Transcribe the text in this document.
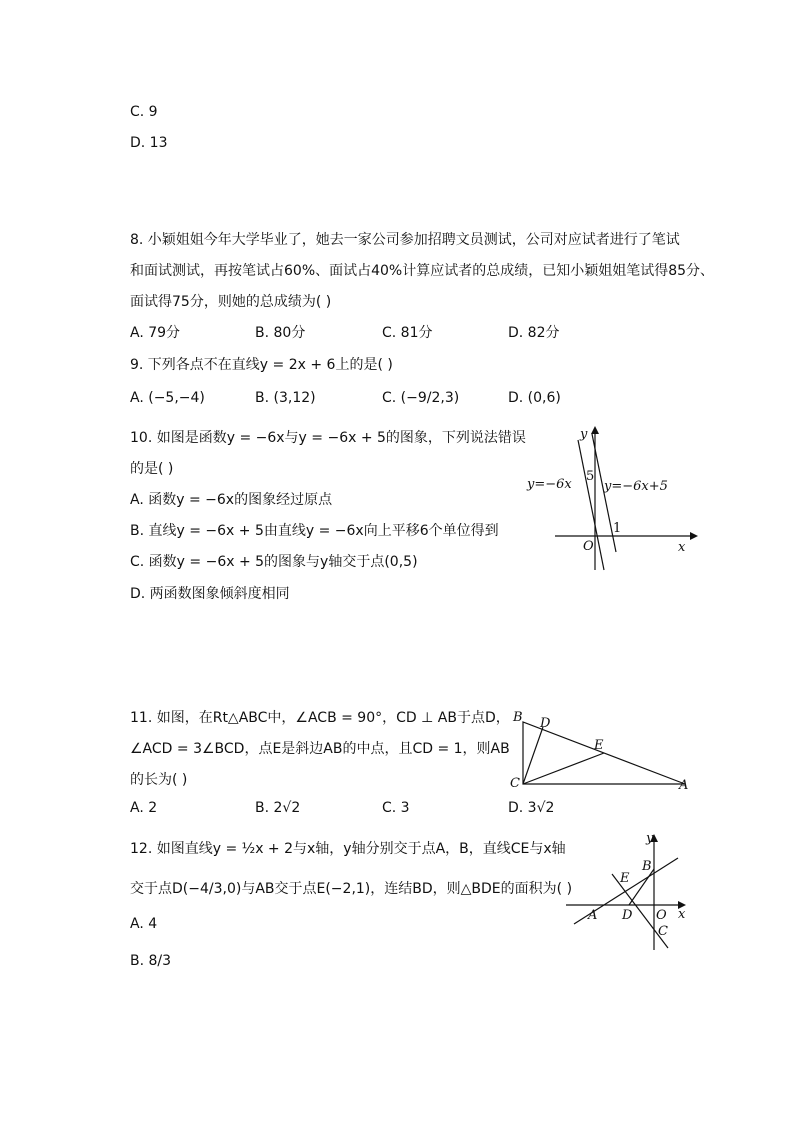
C. 9
D. 13
8. 小颖姐姐今年大学毕业了，她去一家公司参加招聘文员测试，公司对应试者进行了笔试
和面试测试，再按笔试占60%、面试占40%计算应试者的总成绩，已知小颖姐姐笔试得85分、
面试得75分，则她的总成绩为( )
A. 79分	B. 80分	C. 81分	D. 82分
9. 下列各点不在直线y = 2x + 6上的是( )
A. (−5,−4)	B. (3,12)	C. (−9/2,3)	D. (0,6)
10. 如图是函数y = −6x与y = −6x + 5的图象，下列说法错误
的是( )
A. 函数y = −6x的图象经过原点
B. 直线y = −6x + 5由直线y = −6x向上平移6个单位得到
C. 函数y = −6x + 5的图象与y轴交于点(0,5)
D. 两函数图象倾斜度相同
y
x
O
5
1
y=−6x y=−6x+5
11. 如图，在Rt△ABC中，∠ACB = 90°，CD ⊥ AB于点D，
∠ACD = 3∠BCD，点E是斜边AB的中点，且CD = 1，则AB
的长为( )
A. 2	B. 2√2	C. 3	D. 3√2
B D
E
C	A
12. 如图直线y = ½x + 2与x轴，y轴分别交于点A，B，直线CE与x轴
交于点D(−4/3,0)与AB交于点E(−2,1)，连结BD，则△BDE的面积为( )
A. 4
B. 8/3
y
x
B
E
A D O
C
